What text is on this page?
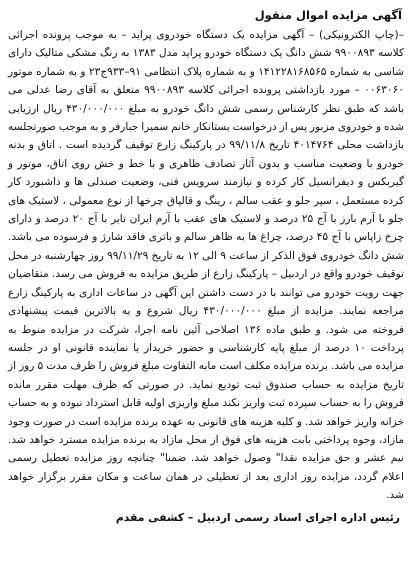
آگهی مزایده اموال منقول

–(چاپ الکترونیکی) – آگهی مزایده یک دستگاه خودروی پراید – به موجب پرونده اجرائی کلاسه ۹۹۰۰۸۹۳ شش دانگ یک دستگاه خودرو پراید مدل ۱۳۸۳ به رنگ مشکی متالیک دارای شاسی به شماره ۱۴۱۲۲۸۱۶۸۵۶۵ و به شماره پلاک انتظامی ۹۱–۹۳۳ج۲۳ و به شماره موتور ۰۰۶۳۰۶۰ – مورد بازداشتی پرونده اجرائی کلاسه ۹۹۰۰۸۹۳ متعلق به آقای رضا عدلی می باشد که طبق نظر کارشناس رسمی شش دانگ خودرو به مبلغ ۴۳۰/۰۰۰/۰۰۰ ریال ارزیابی شده و خودروی مزبور پس از درخواست بستانکار خانم سمیرا جبارفر و به موجب صورتجلسه بازداشت محلی ۴۰۱۴۷۶۴ تاریخ ۹۹/۱۱/۸ در پارکینگ زارع توقیف گردیده است . اتاق و بدنه خودرو با وضعیت مناسب و بدون آثار تصادف ظاهری و با خط و خش روی اتاق، موتور و گیربکس و دیفرانسیل کار کرده و نیازمند سرویس فنی، وضعیت صندلی ها و داشبورد کار کرده مستعمل ، سپر جلو و عقب سالم ، رینگ و قالپاق چرخها از نوع معمولی ، لاستیک های جلو با آرم بارز با آج ۲۵ درصد و لاستیک های عقب با آرم ایران تایر با آج ۲۰ درصد و دارای چرخ زاپاس با آج ۴۵ درصد، چراغ ها به ظاهر سالم و باتری فاقد شارژ و فرسوده می باشد. شش دانگ خودروی فوق الذکر از ساعت ۹ الی ۱۲ به تاریخ ۹۹/۱۱/۲۹ روز چهارشنبه در محل توقیف خودرو واقع در اردبیل – پارکینگ زارع از طریق مزایده به فروش می رسد. متقاضیان جهت رویت خودرو می توانند با در دست داشتن این آگهی در ساعات اداری به پارکینگ زارع مراجعه نمایند. مزایده از مبلغ ۴۳۰/۰۰۰/۰۰۰ ریال شروع و به بالاترین قیمت پیشنهادی فروخته می شود. و طبق ماده ۱۳۶ اصلاحی آئین نامه اجرا، شرکت در مزایده منوط به پرداخت ۱۰ درصد از مبلغ پایه کارشناسی و حضور خریدار یا نماینده قانونی او در جلسه مزایده می باشد. برنده مزایده مکلف است مابه التفاوت مبلغ فروش را ظرف مدت ۵ روز از تاریخ مزایده به حساب صندوق ثبت تودیع نماید. در صورتی که ظرف مهلت مقرر مانده فروش را به حساب سپرده ثبت واریز نکند مبلغ واریزی اولیه قابل استرداد نبوده و به حساب خزانه واریز خواهد شد. و کلیه هزینه های قانونی به عهده برنده مزایده است در صورت وجود مازاد، وجوه پرداختی بابت هزینه های فوق از محل مازاد به برنده مزایده مسترد خواهد شد. نیم عشر و حق مزایده نقدا" وصول خواهد شد. ضمنا" چنانچه روز مزایده تعطیل رسمی اعلام گردد، مزایده روز اداری بعد از تعطیلی در همان ساعت و مکان مقرر برگزار خواهد شد.

رئیس اداره اجرای اسناد رسمی اردبیل – کشفی مقدم
